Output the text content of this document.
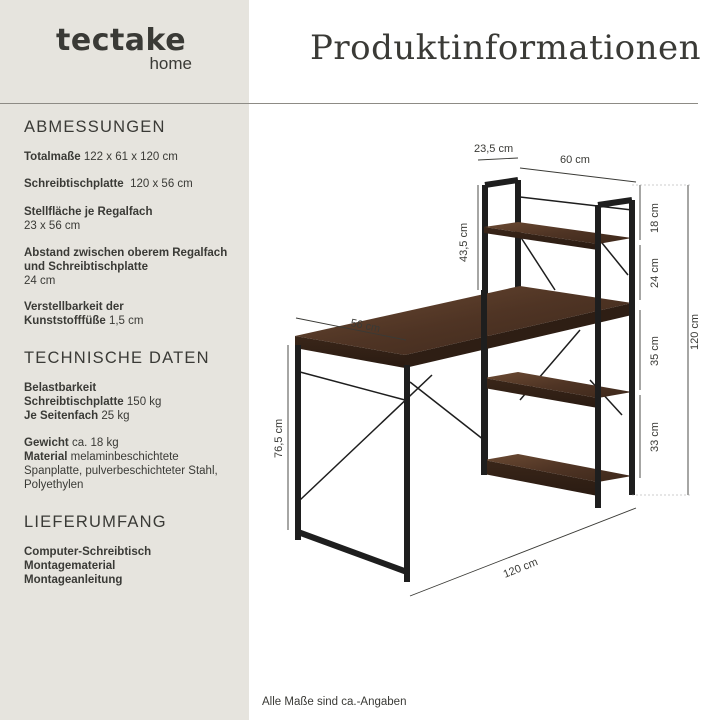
tectake
home
ABMESSUNGEN
Totalmaße 122 x 61 x 120 cm
Schreibtischplatte 120 x 56 cm
Stellfläche je Regalfach
23 x 56 cm
Abstand zwischen oberem Regalfach und Schreibtischplatte
24 cm
Verstellbarkeit der Kunststofffüße 1,5 cm
TECHNISCHE DATEN
Belastbarkeit Schreibtischplatte 150 kg
Je Seitenfach 25 kg
Gewicht ca. 18 kg
Material melaminbeschichtete Spanplatte, pulverbeschichteter Stahl, Polyethylen
LIEFERUMFANG
Computer-Schreibtisch
Montagematerial
Montageanleitung
Produktinformationen
23,5 cm
60 cm
56 cm
43,5 cm
18 cm
24 cm
35 cm
33 cm
120 cm
76,5 cm
120 cm
Alle Maße sind ca.-Angaben
